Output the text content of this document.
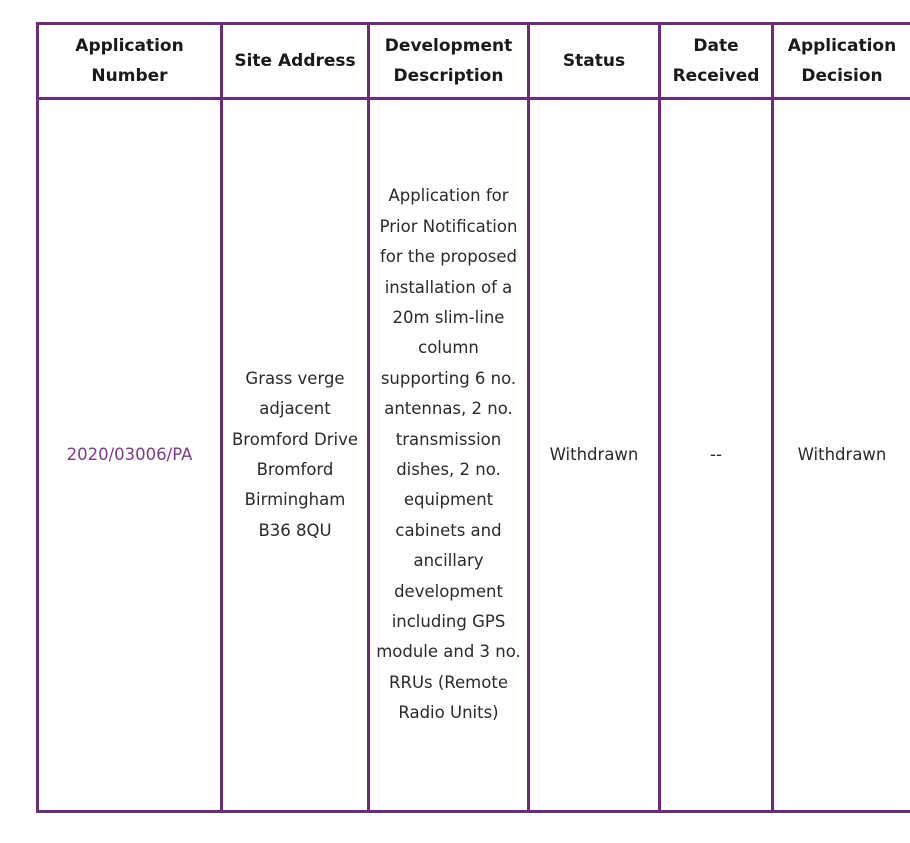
Application Number	Site Address	Development Description	Status	Date Received	Application Decision
2020/03006/PA	Grass verge adjacent Bromford Drive Bromford Birmingham B36 8QU	Application for Prior Notification for the proposed installation of a 20m slim-line column supporting 6 no. antennas, 2 no. transmission dishes, 2 no. equipment cabinets and ancillary development including GPS module and 3 no. RRUs (Remote Radio Units)	Withdrawn	--	Withdrawn
